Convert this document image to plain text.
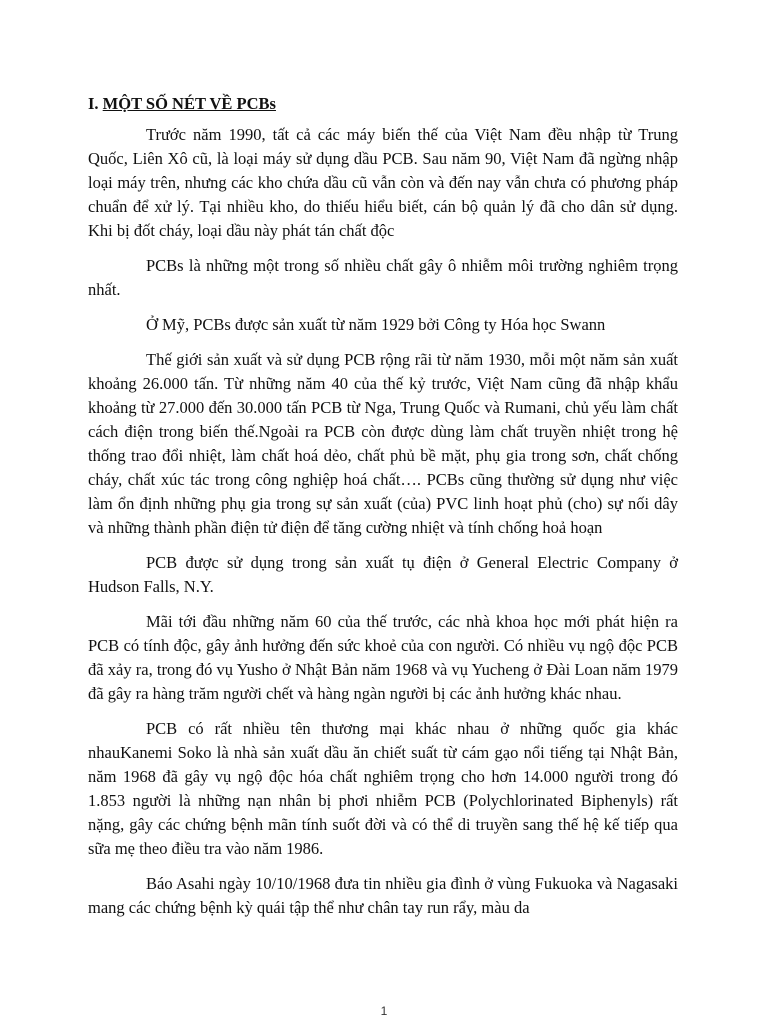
I. MỘT SỐ NÉT VỀ PCBs

Trước năm 1990, tất cả các máy biến thế của Việt Nam đều nhập từ Trung Quốc, Liên Xô cũ, là loại máy sử dụng dầu PCB. Sau năm 90, Việt Nam đã ngừng nhập loại máy trên, nhưng các kho chứa dầu cũ vẫn còn và đến nay vẫn chưa có phương pháp chuẩn để xử lý. Tại nhiều kho, do thiếu hiểu biết, cán bộ quản lý đã cho dân sử dụng. Khi bị đốt cháy, loại dầu này phát tán chất độc

PCBs là những một trong số nhiều chất gây ô nhiễm môi trường nghiêm trọng nhất.

Ở Mỹ, PCBs được sản xuất từ năm 1929 bởi Công ty Hóa học Swann

Thế giới sản xuất và sử dụng PCB rộng rãi từ năm 1930, mỗi một năm sản xuất khoảng 26.000 tấn. Từ những năm 40 của thế kỷ trước, Việt Nam cũng đã nhập khẩu khoảng từ 27.000 đến 30.000 tấn PCB từ Nga, Trung Quốc và Rumani, chủ yếu làm chất cách điện trong biến thế.Ngoài ra PCB còn được dùng làm chất truyền nhiệt trong hệ thống trao đổi nhiệt, làm chất hoá dẻo, chất phủ bề mặt, phụ gia trong sơn, chất chống cháy, chất xúc tác trong công nghiệp hoá chất…. PCBs cũng thường sử dụng như việc làm ổn định những phụ gia trong sự sản xuất (của) PVC linh hoạt phủ (cho) sự nối dây và những thành phần điện tử điện để tăng cường nhiệt và tính chống hoả hoạn

PCB được sử dụng trong sản xuất tụ điện ở General Electric Company ở Hudson Falls, N.Y.

Mãi tới đầu những năm 60 của thế trước, các nhà khoa học mới phát hiện ra PCB có tính độc, gây ảnh hưởng đến sức khoẻ của con người. Có nhiều vụ ngộ độc PCB đã xảy ra, trong đó vụ Yusho ở Nhật Bản năm 1968 và vụ Yucheng ở Đài Loan năm 1979 đã gây ra hàng trăm người chết và hàng ngàn người bị các ảnh hưởng khác nhau.

PCB có rất nhiều tên thương mại khác nhau ở những quốc gia khác nhauKanemi Soko là nhà sản xuất dầu ăn chiết suất từ cám gạo nổi tiếng tại Nhật Bản, năm 1968 đã gây vụ ngộ độc hóa chất nghiêm trọng cho hơn 14.000 người trong đó 1.853 người là những nạn nhân bị phơi nhiễm PCB (Polychlorinated Biphenyls) rất nặng, gây các chứng bệnh mãn tính suốt đời và có thể di truyền sang thế hệ kế tiếp qua sữa mẹ theo điều tra vào năm 1986.

Báo Asahi ngày 10/10/1968 đưa tin nhiều gia đình ở vùng Fukuoka và Nagasaki mang các chứng bệnh kỳ quái tập thể như chân tay run rẩy, màu da

1
